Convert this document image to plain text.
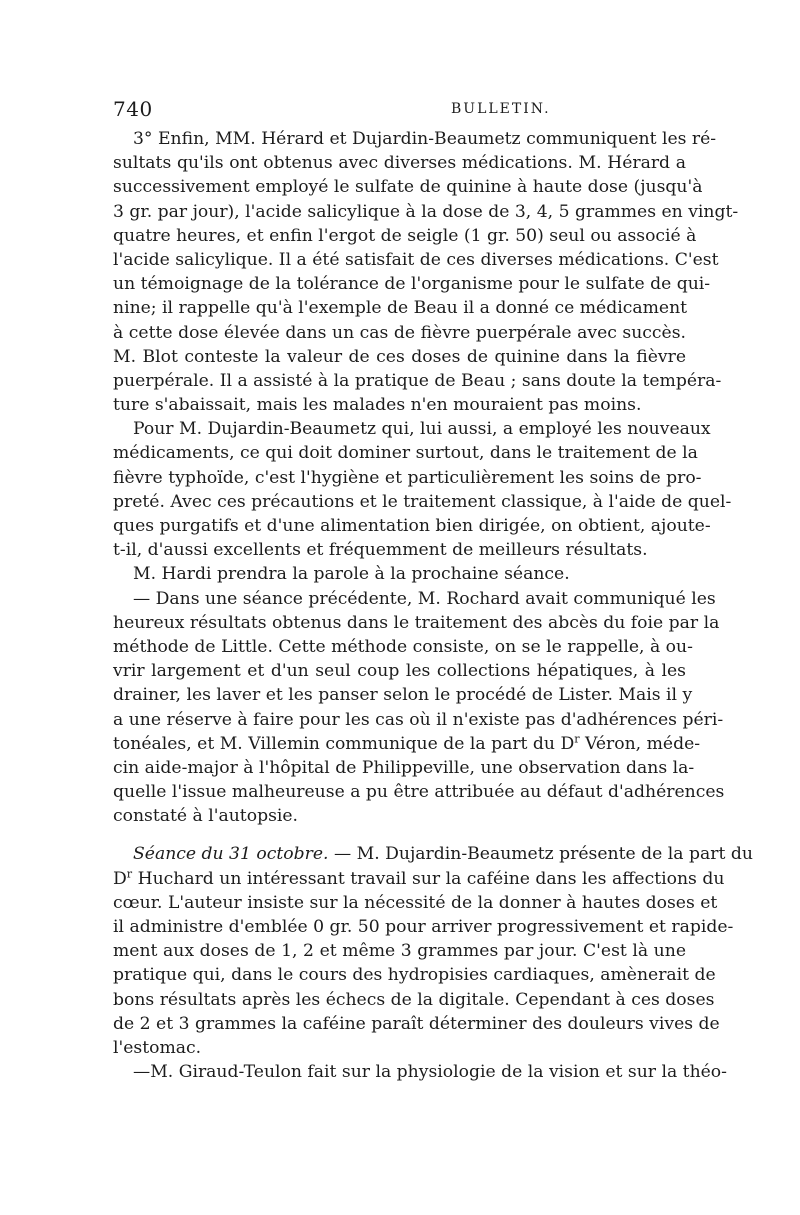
740	BULLETIN.
3° Enfin, MM. Hérard et Dujardin-Beaumetz communiquent les ré-
sultats qu'ils ont obtenus avec diverses médications. M. Hérard a
successivement employé le sulfate de quinine à haute dose (jusqu'à
3 gr. par jour), l'acide salicylique à la dose de 3, 4, 5 grammes en vingt-
quatre heures, et enfin l'ergot de seigle (1 gr. 50) seul ou associé à
l'acide salicylique. Il a été satisfait de ces diverses médications. C'est
un témoignage de la tolérance de l'organisme pour le sulfate de qui-
nine; il rappelle qu'à l'exemple de Beau il a donné ce médicament
à cette dose élevée dans un cas de fièvre puerpérale avec succès.
M. Blot conteste la valeur de ces doses de quinine dans la fièvre
puerpérale. Il a assisté à la pratique de Beau ; sans doute la tempéra-
ture s'abaissait, mais les malades n'en mouraient pas moins.
Pour M. Dujardin-Beaumetz qui, lui aussi, a employé les nouveaux
médicaments, ce qui doit dominer surtout, dans le traitement de la
fièvre typhoïde, c'est l'hygiène et particulièrement les soins de pro-
preté. Avec ces précautions et le traitement classique, à l'aide de quel-
ques purgatifs et d'une alimentation bien dirigée, on obtient, ajoute-
t-il, d'aussi excellents et fréquemment de meilleurs résultats.
M. Hardi prendra la parole à la prochaine séance.
— Dans une séance précédente, M. Rochard avait communiqué les
heureux résultats obtenus dans le traitement des abcès du foie par la
méthode de Little. Cette méthode consiste, on se le rappelle, à ou-
vrir largement et d'un seul coup les collections hépatiques, à les
drainer, les laver et les panser selon le procédé de Lister. Mais il y
a une réserve à faire pour les cas où il n'existe pas d'adhérences péri-
tonéales, et M. Villemin communique de la part du $D^r$ Véron, méde-
cin aide-major à l'hôpital de Philippeville, une observation dans la-
quelle l'issue malheureuse a pu être attribuée au défaut d'adhérences
constaté à l'autopsie.
Séance du 31 octobre. — M. Dujardin-Beaumetz présente de la part du
$D^r$ Huchard un intéressant travail sur la caféine dans les affections du
cœur. L'auteur insiste sur la nécessité de la donner à hautes doses et
il administre d'emblée 0 gr. 50 pour arriver progressivement et rapide-
ment aux doses de 1, 2 et même 3 grammes par jour. C'est là une
pratique qui, dans le cours des hydropisies cardiaques, amènerait de
bons résultats après les échecs de la digitale. Cependant à ces doses
de 2 et 3 grammes la caféine paraît déterminer des douleurs vives de
l'estomac.
—M. Giraud-Teulon fait sur la physiologie de la vision et sur la théo-
